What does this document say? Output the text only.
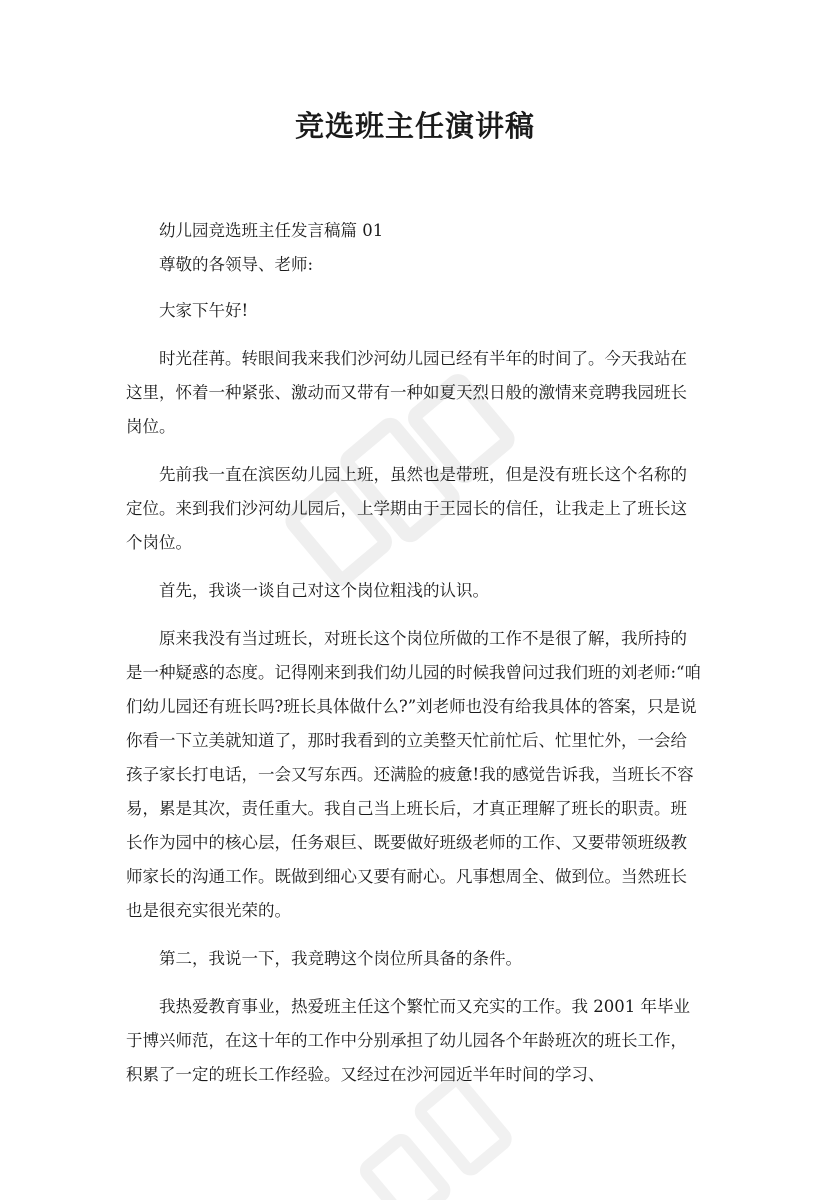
竞选班主任演讲稿

幼儿园竞选班主任发言稿篇 01

尊敬的各领导、老师:

大家下午好!

时光荏苒。转眼间我来我们沙河幼儿园已经有半年的时间了。今天我站在这里，怀着一种紧张、激动而又带有一种如夏天烈日般的激情来竞聘我园班长岗位。

先前我一直在滨医幼儿园上班，虽然也是带班，但是没有班长这个名称的定位。来到我们沙河幼儿园后，上学期由于王园长的信任，让我走上了班长这个岗位。

首先，我谈一谈自己对这个岗位粗浅的认识。

原来我没有当过班长，对班长这个岗位所做的工作不是很了解，我所持的是一种疑惑的态度。记得刚来到我们幼儿园的时候我曾问过我们班的刘老师:“咱们幼儿园还有班长吗?班长具体做什么?”刘老师也没有给我具体的答案，只是说你看一下立美就知道了，那时我看到的立美整天忙前忙后、忙里忙外，一会给孩子家长打电话，一会又写东西。还满脸的疲惫!我的感觉告诉我，当班长不容易，累是其次，责任重大。我自己当上班长后，才真正理解了班长的职责。班长作为园中的核心层，任务艰巨、既要做好班级老师的工作、又要带领班级教师家长的沟通工作。既做到细心又要有耐心。凡事想周全、做到位。当然班长也是很充实很光荣的。

第二，我说一下，我竞聘这个岗位所具备的条件。

我热爱教育事业，热爱班主任这个繁忙而又充实的工作。我 2001 年毕业于博兴师范，在这十年的工作中分别承担了幼儿园各个年龄班次的班长工作，积累了一定的班长工作经验。又经过在沙河园近半年时间的学习、
